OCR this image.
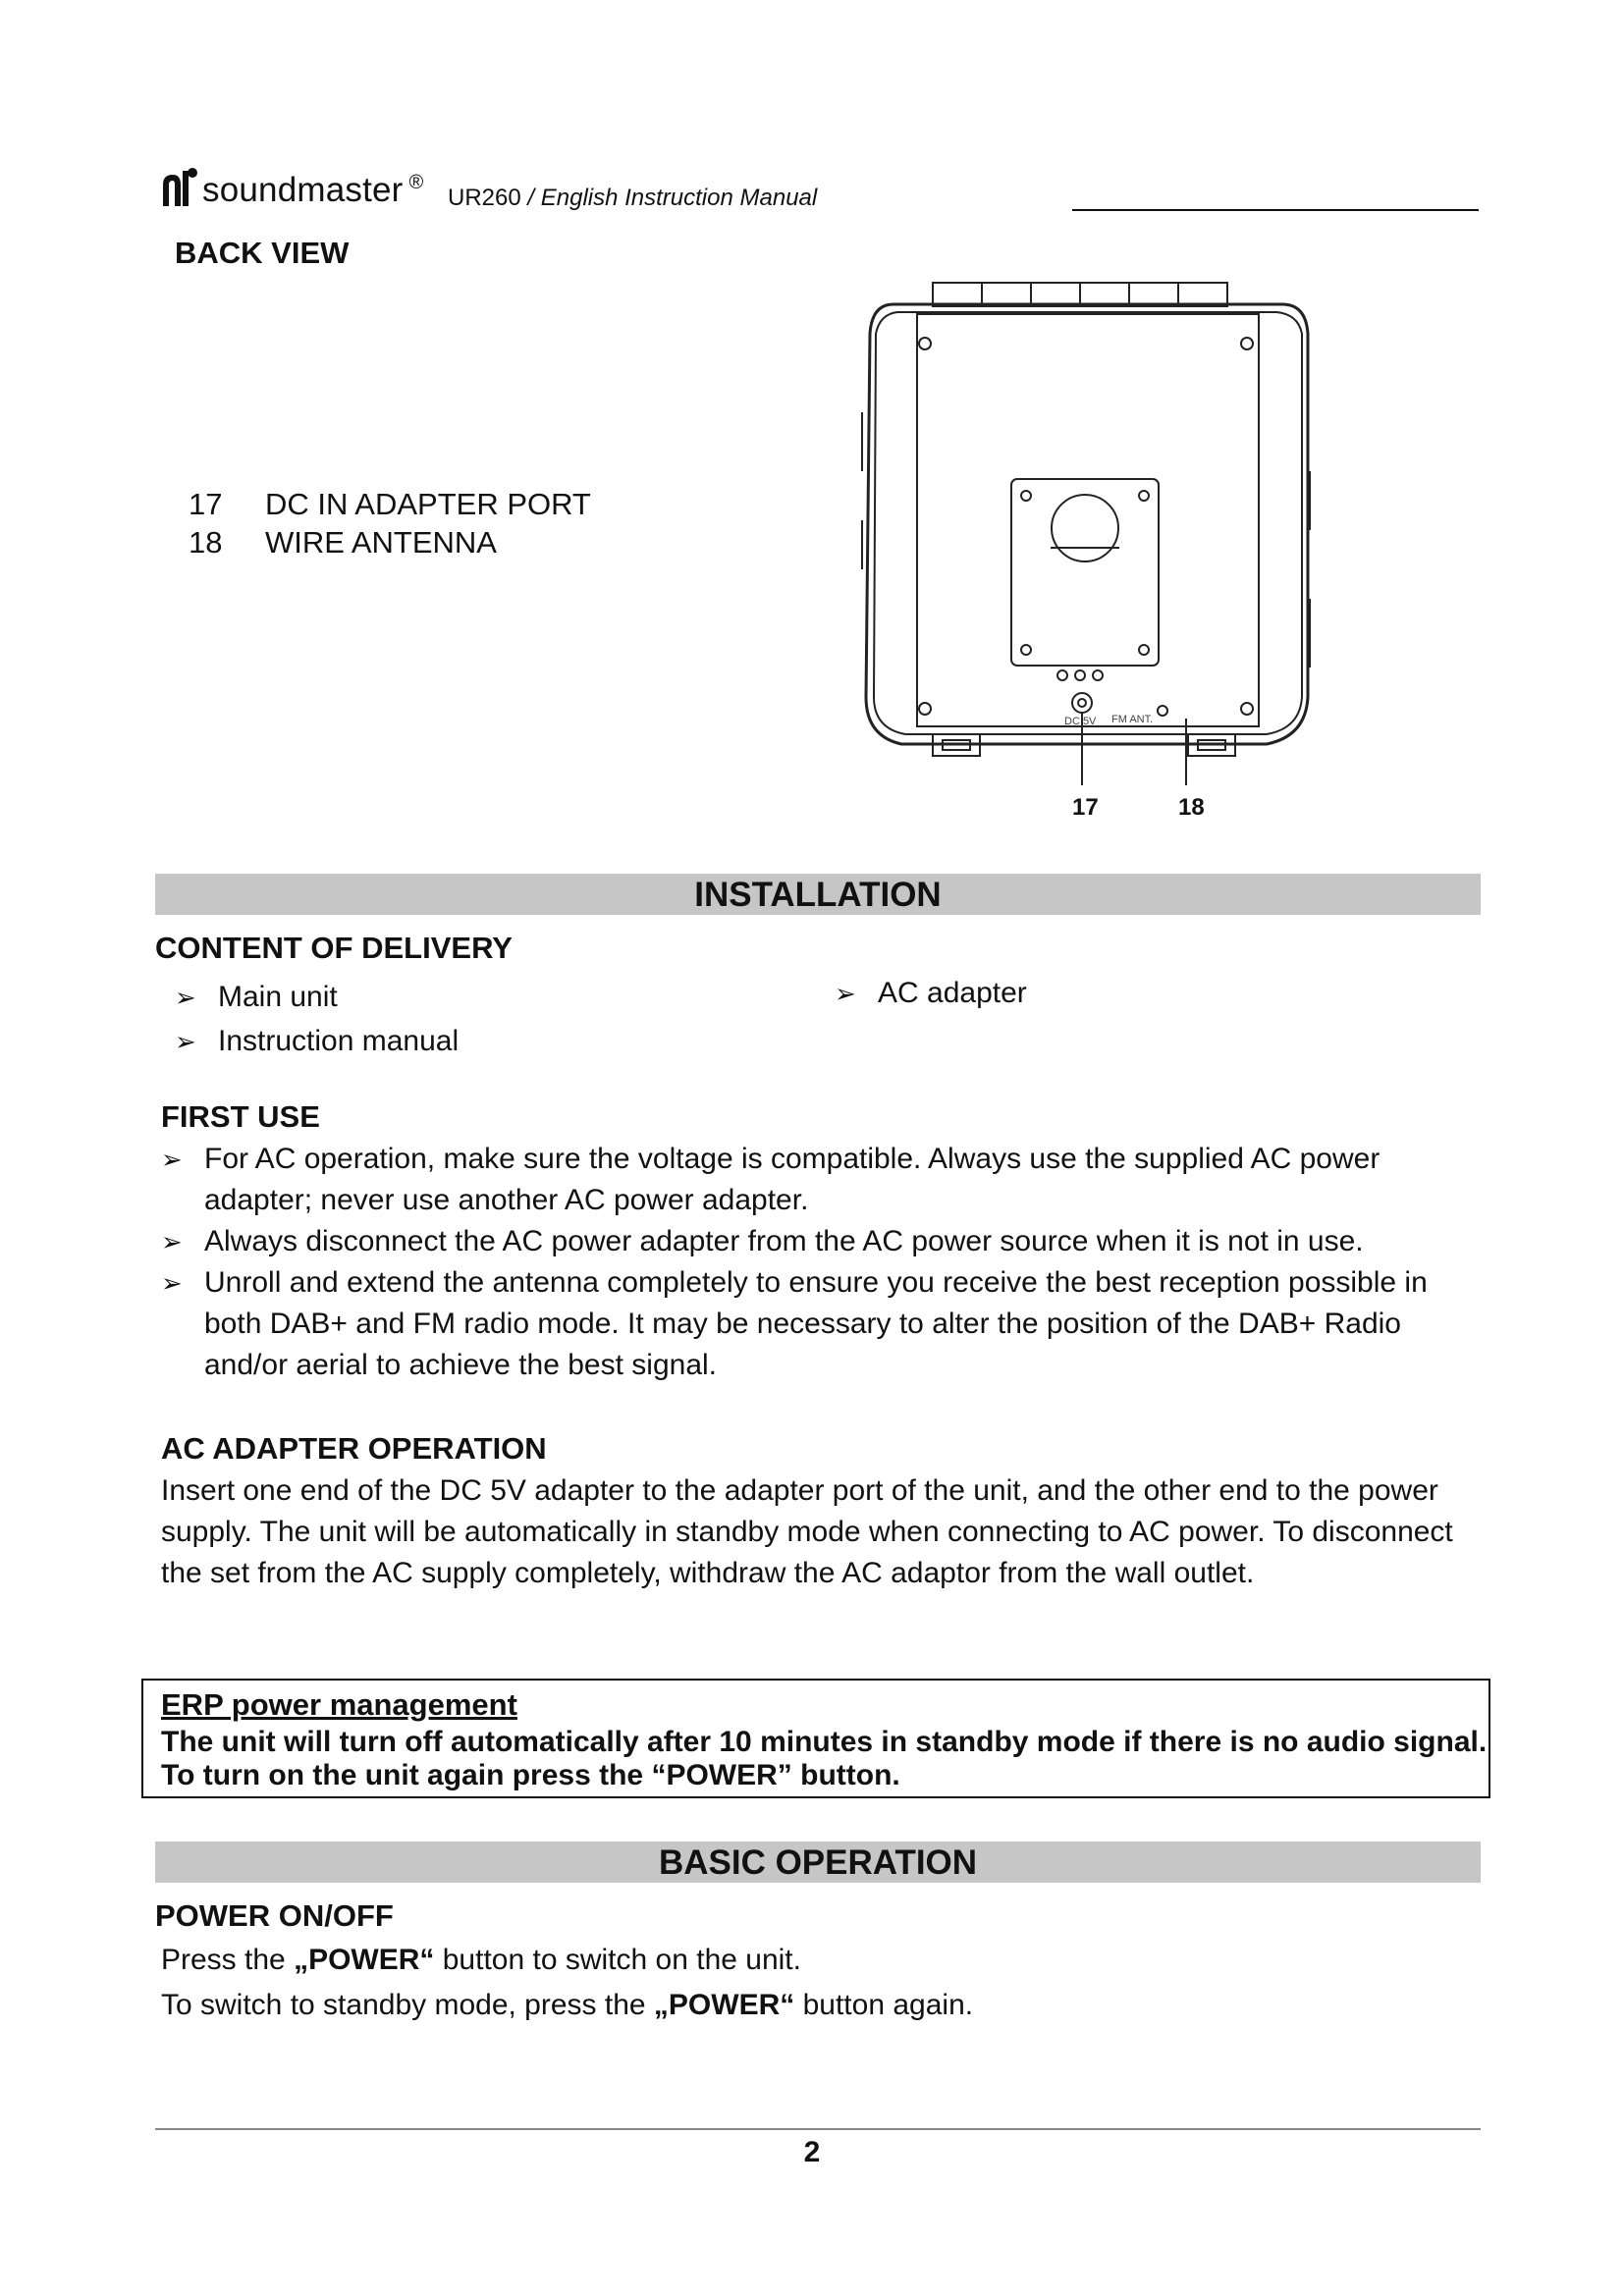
soundmaster ®
UR260 / English Instruction Manual
BACK VIEW
17	DC IN ADAPTER PORT
18	WIRE ANTENNA
DC 5V FM ANT.
17	18
INSTALLATION
CONTENT OF DELIVERY
➢ Main unit
➢ Instruction manual
➢ AC adapter
FIRST USE
➢ For AC operation, make sure the voltage is compatible. Always use the supplied AC power adapter; never use another AC power adapter.
➢ Always disconnect the AC power adapter from the AC power source when it is not in use.
➢ Unroll and extend the antenna completely to ensure you receive the best reception possible in both DAB+ and FM radio mode. It may be necessary to alter the position of the DAB+ Radio and/or aerial to achieve the best signal.
AC ADAPTER OPERATION
Insert one end of the DC 5V adapter to the adapter port of the unit, and the other end to the power supply. The unit will be automatically in standby mode when connecting to AC power. To disconnect the set from the AC supply completely, withdraw the AC adaptor from the wall outlet.
ERP power management
The unit will turn off automatically after 10 minutes in standby mode if there is no audio signal. To turn on the unit again press the “POWER” button.
BASIC OPERATION
POWER ON/OFF
Press the „POWER“ button to switch on the unit.
To switch to standby mode, press the „POWER“ button again.
2
